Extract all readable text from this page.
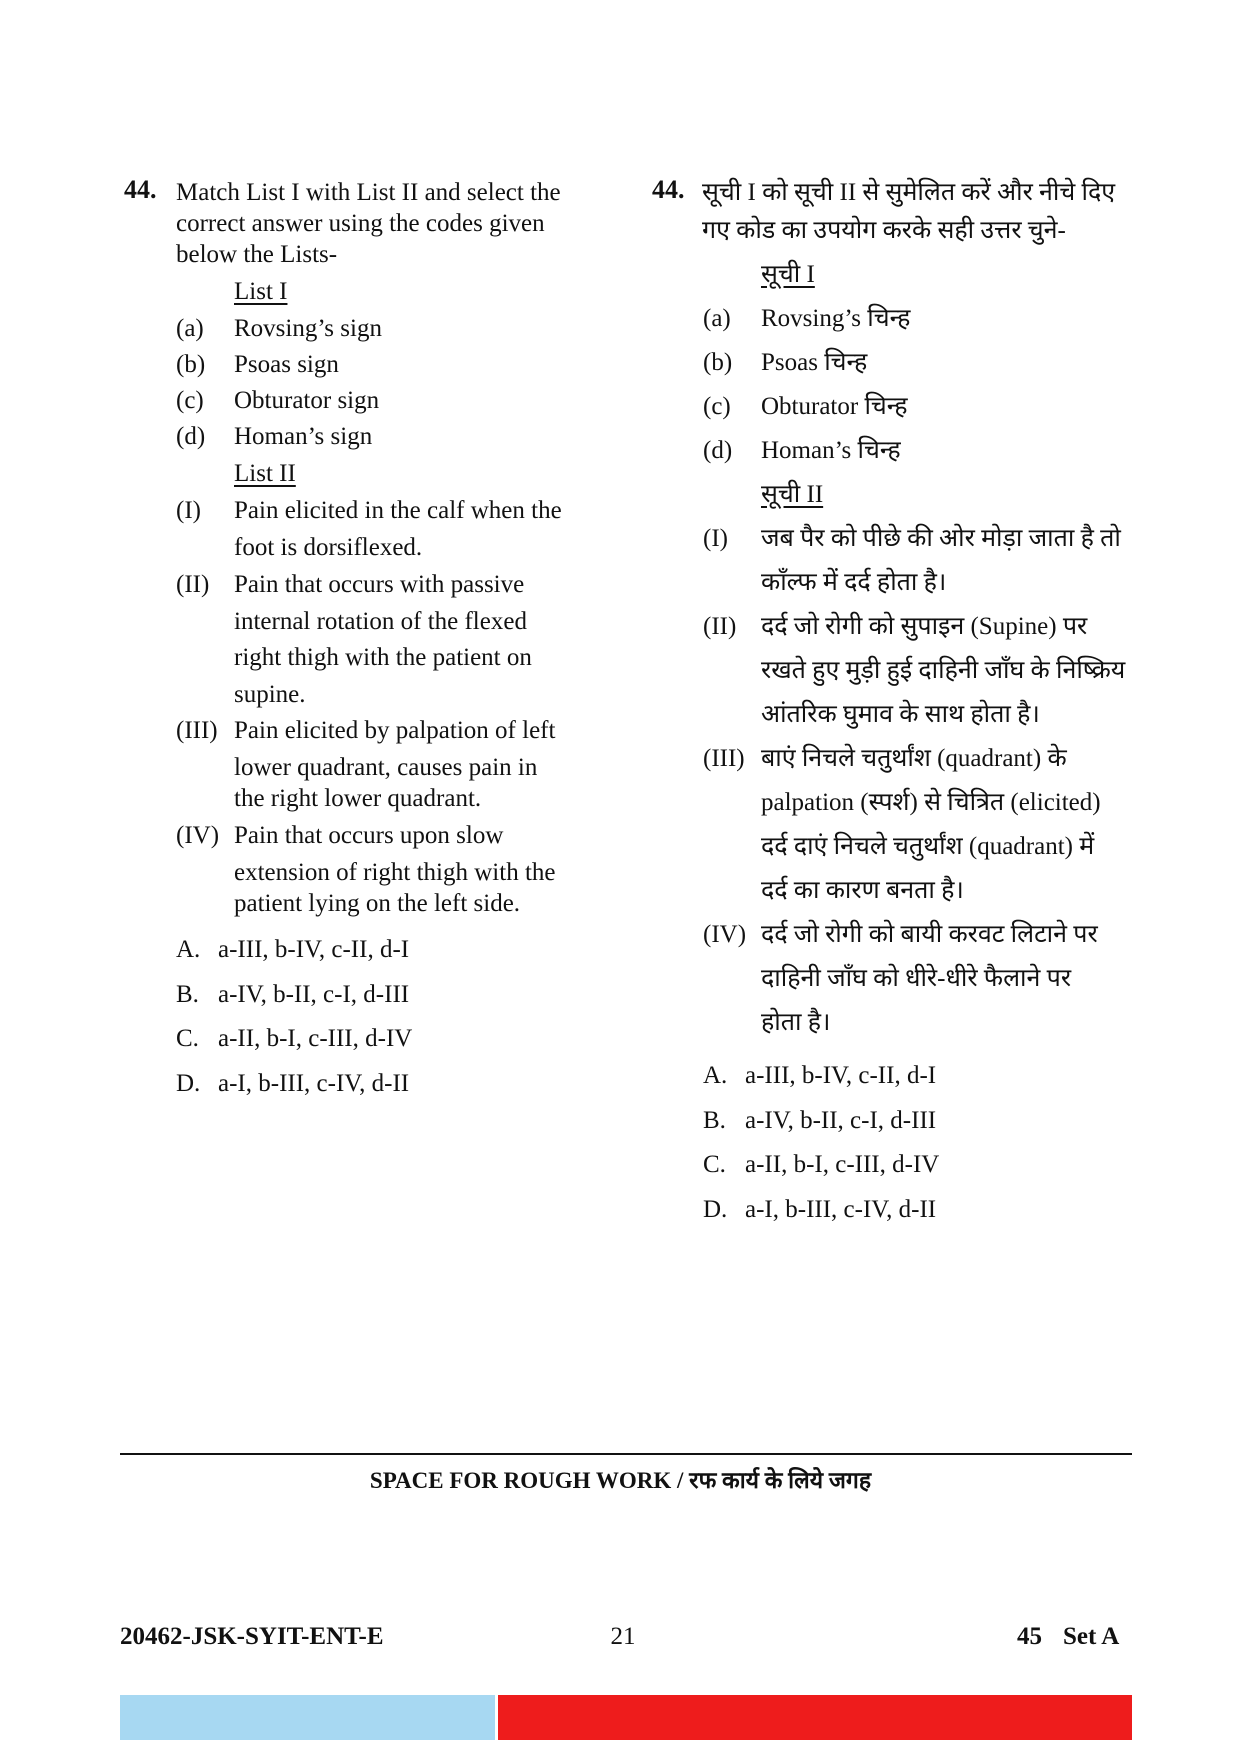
44. Match List I with List II and select the
correct answer using the codes given
below the Lists-
List I
(a) Rovsing’s sign
(b) Psoas sign
(c) Obturator sign
(d) Homan’s sign
List II
(I) Pain elicited in the calf when the
foot is dorsiflexed.
(II) Pain that occurs with passive
internal rotation of the flexed
right thigh with the patient on
supine.
(III) Pain elicited by palpation of left
lower quadrant, causes pain in
the right lower quadrant.
(IV) Pain that occurs upon slow
extension of right thigh with the
patient lying on the left side.
A. a-III, b-IV, c-II, d-I
B. a-IV, b-II, c-I, d-III
C. a-II, b-I, c-III, d-IV
D. a-I, b-III, c-IV, d-II
44. सूची I को सूची II से सुमेलित करें और नीचे दिए
गए कोड का उपयोग करके सही उत्तर चुने-
सूची I
(a) Rovsing’s चिन्ह
(b) Psoas चिन्ह
(c) Obturator चिन्ह
(d) Homan’s चिन्ह
सूची II
(I) जब पैर को पीछे की ओर मोड़ा जाता है तो
काँल्फ में दर्द होता है।
(II) दर्द जो रोगी को सुपाइन (Supine) पर
रखते हुए मुड़ी हुई दाहिनी जाँघ के निष्क्रिय
आंतरिक घुमाव के साथ होता है।
(III) बाएं निचले चतुर्थांश (quadrant) के
palpation (स्पर्श) से चित्रित (elicited)
दर्द दाएं निचले चतुर्थांश (quadrant) में
दर्द का कारण बनता है।
(IV) दर्द जो रोगी को बायी करवट लिटाने पर
दाहिनी जाँघ को धीरे-धीरे फैलाने पर
होता है।
A. a-III, b-IV, c-II, d-I
B. a-IV, b-II, c-I, d-III
C. a-II, b-I, c-III, d-IV
D. a-I, b-III, c-IV, d-II
SPACE FOR ROUGH WORK / रफ कार्य के लिये जगह
20462-JSK-SYIT-ENT-E	21	45 Set A
